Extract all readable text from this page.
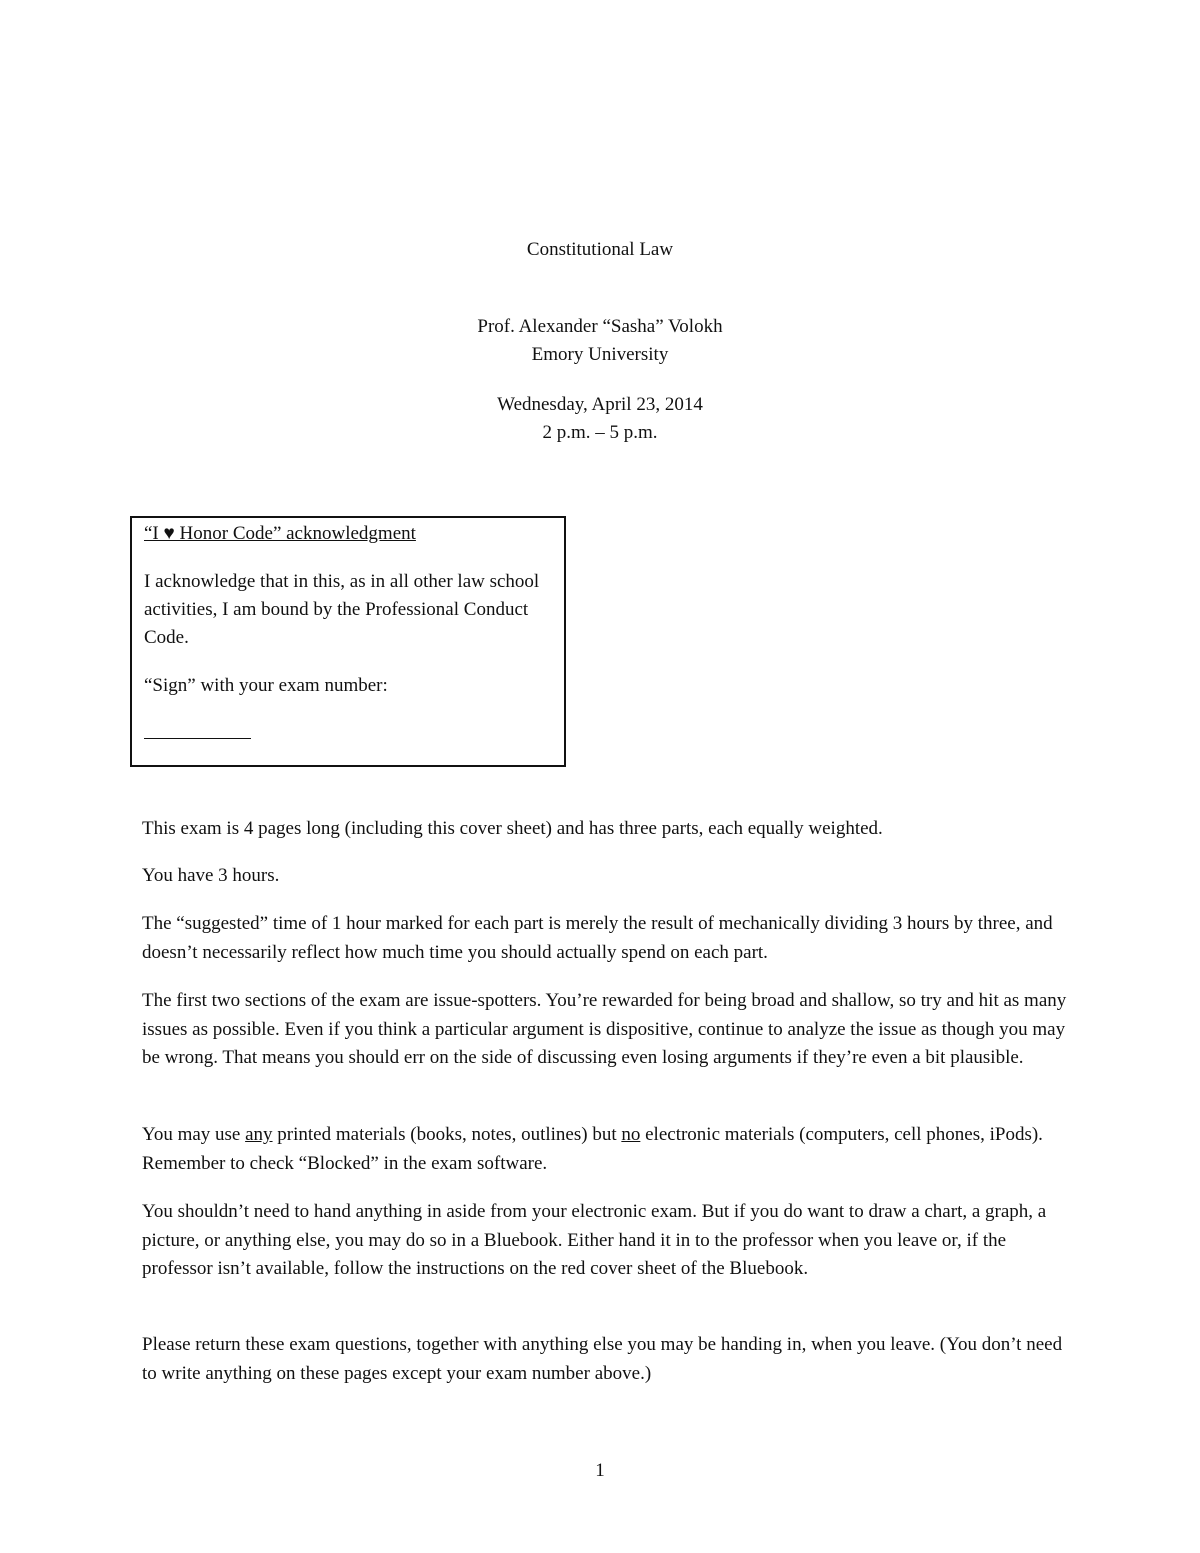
Constitutional Law
Prof. Alexander “Sasha” Volokh
Emory University
Wednesday, April 23, 2014
2 p.m. – 5 p.m.
“I ♥ Honor Code” acknowledgment
I acknowledge that in this, as in all other law school activities, I am bound by the Professional Conduct Code.
“Sign” with your exam number:

This exam is 4 pages long (including this cover sheet) and has three parts, each equally weighted.

You have 3 hours.

The “suggested” time of 1 hour marked for each part is merely the result of mechanically dividing 3 hours by three, and doesn’t necessarily reflect how much time you should actually spend on each part.

The first two sections of the exam are issue-spotters. You’re rewarded for being broad and shallow, so try and hit as many issues as possible. Even if you think a particular argument is dispositive, continue to analyze the issue as though you may be wrong. That means you should err on the side of discussing even losing arguments if they’re even a bit plausible.

You may use any printed materials (books, notes, outlines) but no electronic materials (computers, cell phones, iPods). Remember to check “Blocked” in the exam software.

You shouldn’t need to hand anything in aside from your electronic exam. But if you do want to draw a chart, a graph, a picture, or anything else, you may do so in a Bluebook. Either hand it in to the professor when you leave or, if the professor isn’t available, follow the instructions on the red cover sheet of the Bluebook.

Please return these exam questions, together with anything else you may be handing in, when you leave. (You don’t need to write anything on these pages except your exam number above.)

1
